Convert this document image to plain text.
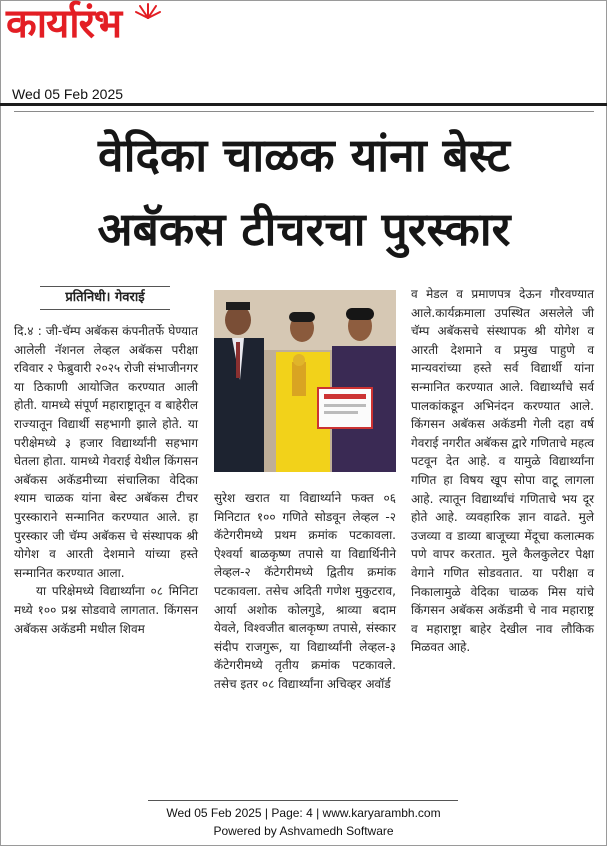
कार्यारंभ
Wed 05 Feb 2025
वेदिका चाळक यांना बेस्ट
अबॅकस टीचरचा पुरस्कार
प्रतिनिधी। गेवराई

दि.४ : जी-चॅम्प अबॅकस कंपनीतर्फे घेण्यात आलेली नॅशनल लेव्हल अबॅकस परीक्षा रविवार २ फेब्रुवारी २०२५ रोजी संभाजीनगर या ठिकाणी आयोजित करण्यात आली होती. यामध्ये संपूर्ण महाराष्ट्रातून व बाहेरील राज्यातून विद्यार्थी सहभागी झाले होते. या परीक्षेमध्ये ३ हजार विद्यार्थ्यांनी सहभाग घेतला होता. यामध्ये गेवराई येथील किंगसन अबॅकस अकॅडमीच्या संचालिका वेदिका श्याम चाळक यांना बेस्ट अबॅकस टीचर पुरस्काराने सन्मानित करण्यात आले. हा पुरस्कार जी चॅम्प अबॅकस चे संस्थापक श्री योगेश व आरती देशमाने यांच्या हस्ते सन्मानित करण्यात आला.

या परिक्षेमध्ये विद्यार्थ्यांना ०८ मिनिटा मध्ये १०० प्रश्न सोडवावे लागतात. किंगसन अबॅकस अकॅडमी मधील शिवम

सुरेश खरात या विद्यार्थ्याने फक्त ०६ मिनिटात १०० गणिते सोडवून लेव्हल -२ कॅटेगरीमध्ये प्रथम क्रमांक पटकावला. ऐश्वर्या बाळकृष्ण तपासे या विद्यार्थिनीने लेव्हल-२ कॅटेगरीमध्ये द्वितीय क्रमांक पटकावला. तसेच अदिती गणेश मुकुटराव, आर्या अशोक कोलगुडे, श्राव्या बदाम येवले, विश्वजीत बालकृष्ण तपासे, संस्कार संदीप राजगुरू, या विद्यार्थ्यांनी लेव्हल-३ कॅटेगरीमध्ये तृतीय क्रमांक पटकावले. तसेच इतर ०८ विद्यार्थ्यांना अचिव्हर अवॉर्ड

व मेडल व प्रमाणपत्र देऊन गौरवण्यात आले.कार्यक्रमाला उपस्थित असलेले जी चॅम्प अबॅकसचे संस्थापक श्री योगेश व आरती देशमाने व प्रमुख पाहुणे व मान्यवरांच्या हस्ते सर्व विद्यार्थी यांना सन्मानित करण्यात आले. विद्यार्थ्यांचे सर्व पालकांकडून अभिनंदन करण्यात आले. किंगसन अबॅकस अकॅडमी गेली दहा वर्ष गेवराई नगरीत अबॅकस द्वारे गणिताचे महत्व पटवून देत आहे. व यामुळे विद्यार्थ्यांना गणित हा विषय खूप सोपा वाटू लागला आहे. त्यातून विद्यार्थ्यांचं गणिताचे भय दूर होते आहे. व्यवहारिक ज्ञान वाढते. मुले उजव्या व डाव्या बाजूच्या मेंदूचा कलात्मक पणे वापर करतात. मुले कैलकुलेटर पेक्षा वेगाने गणित सोडवतात. या परीक्षा व निकालामुळे वेदिका चाळक मिस यांचे किंगसन अबॅकस अकॅडमी चे नाव महाराष्ट्र व महाराष्ट्रा बाहेर देखील नाव लौकिक मिळवत आहे.

Wed 05 Feb 2025 | Page: 4 | www.karyarambh.com
Powered by Ashvamedh Software
